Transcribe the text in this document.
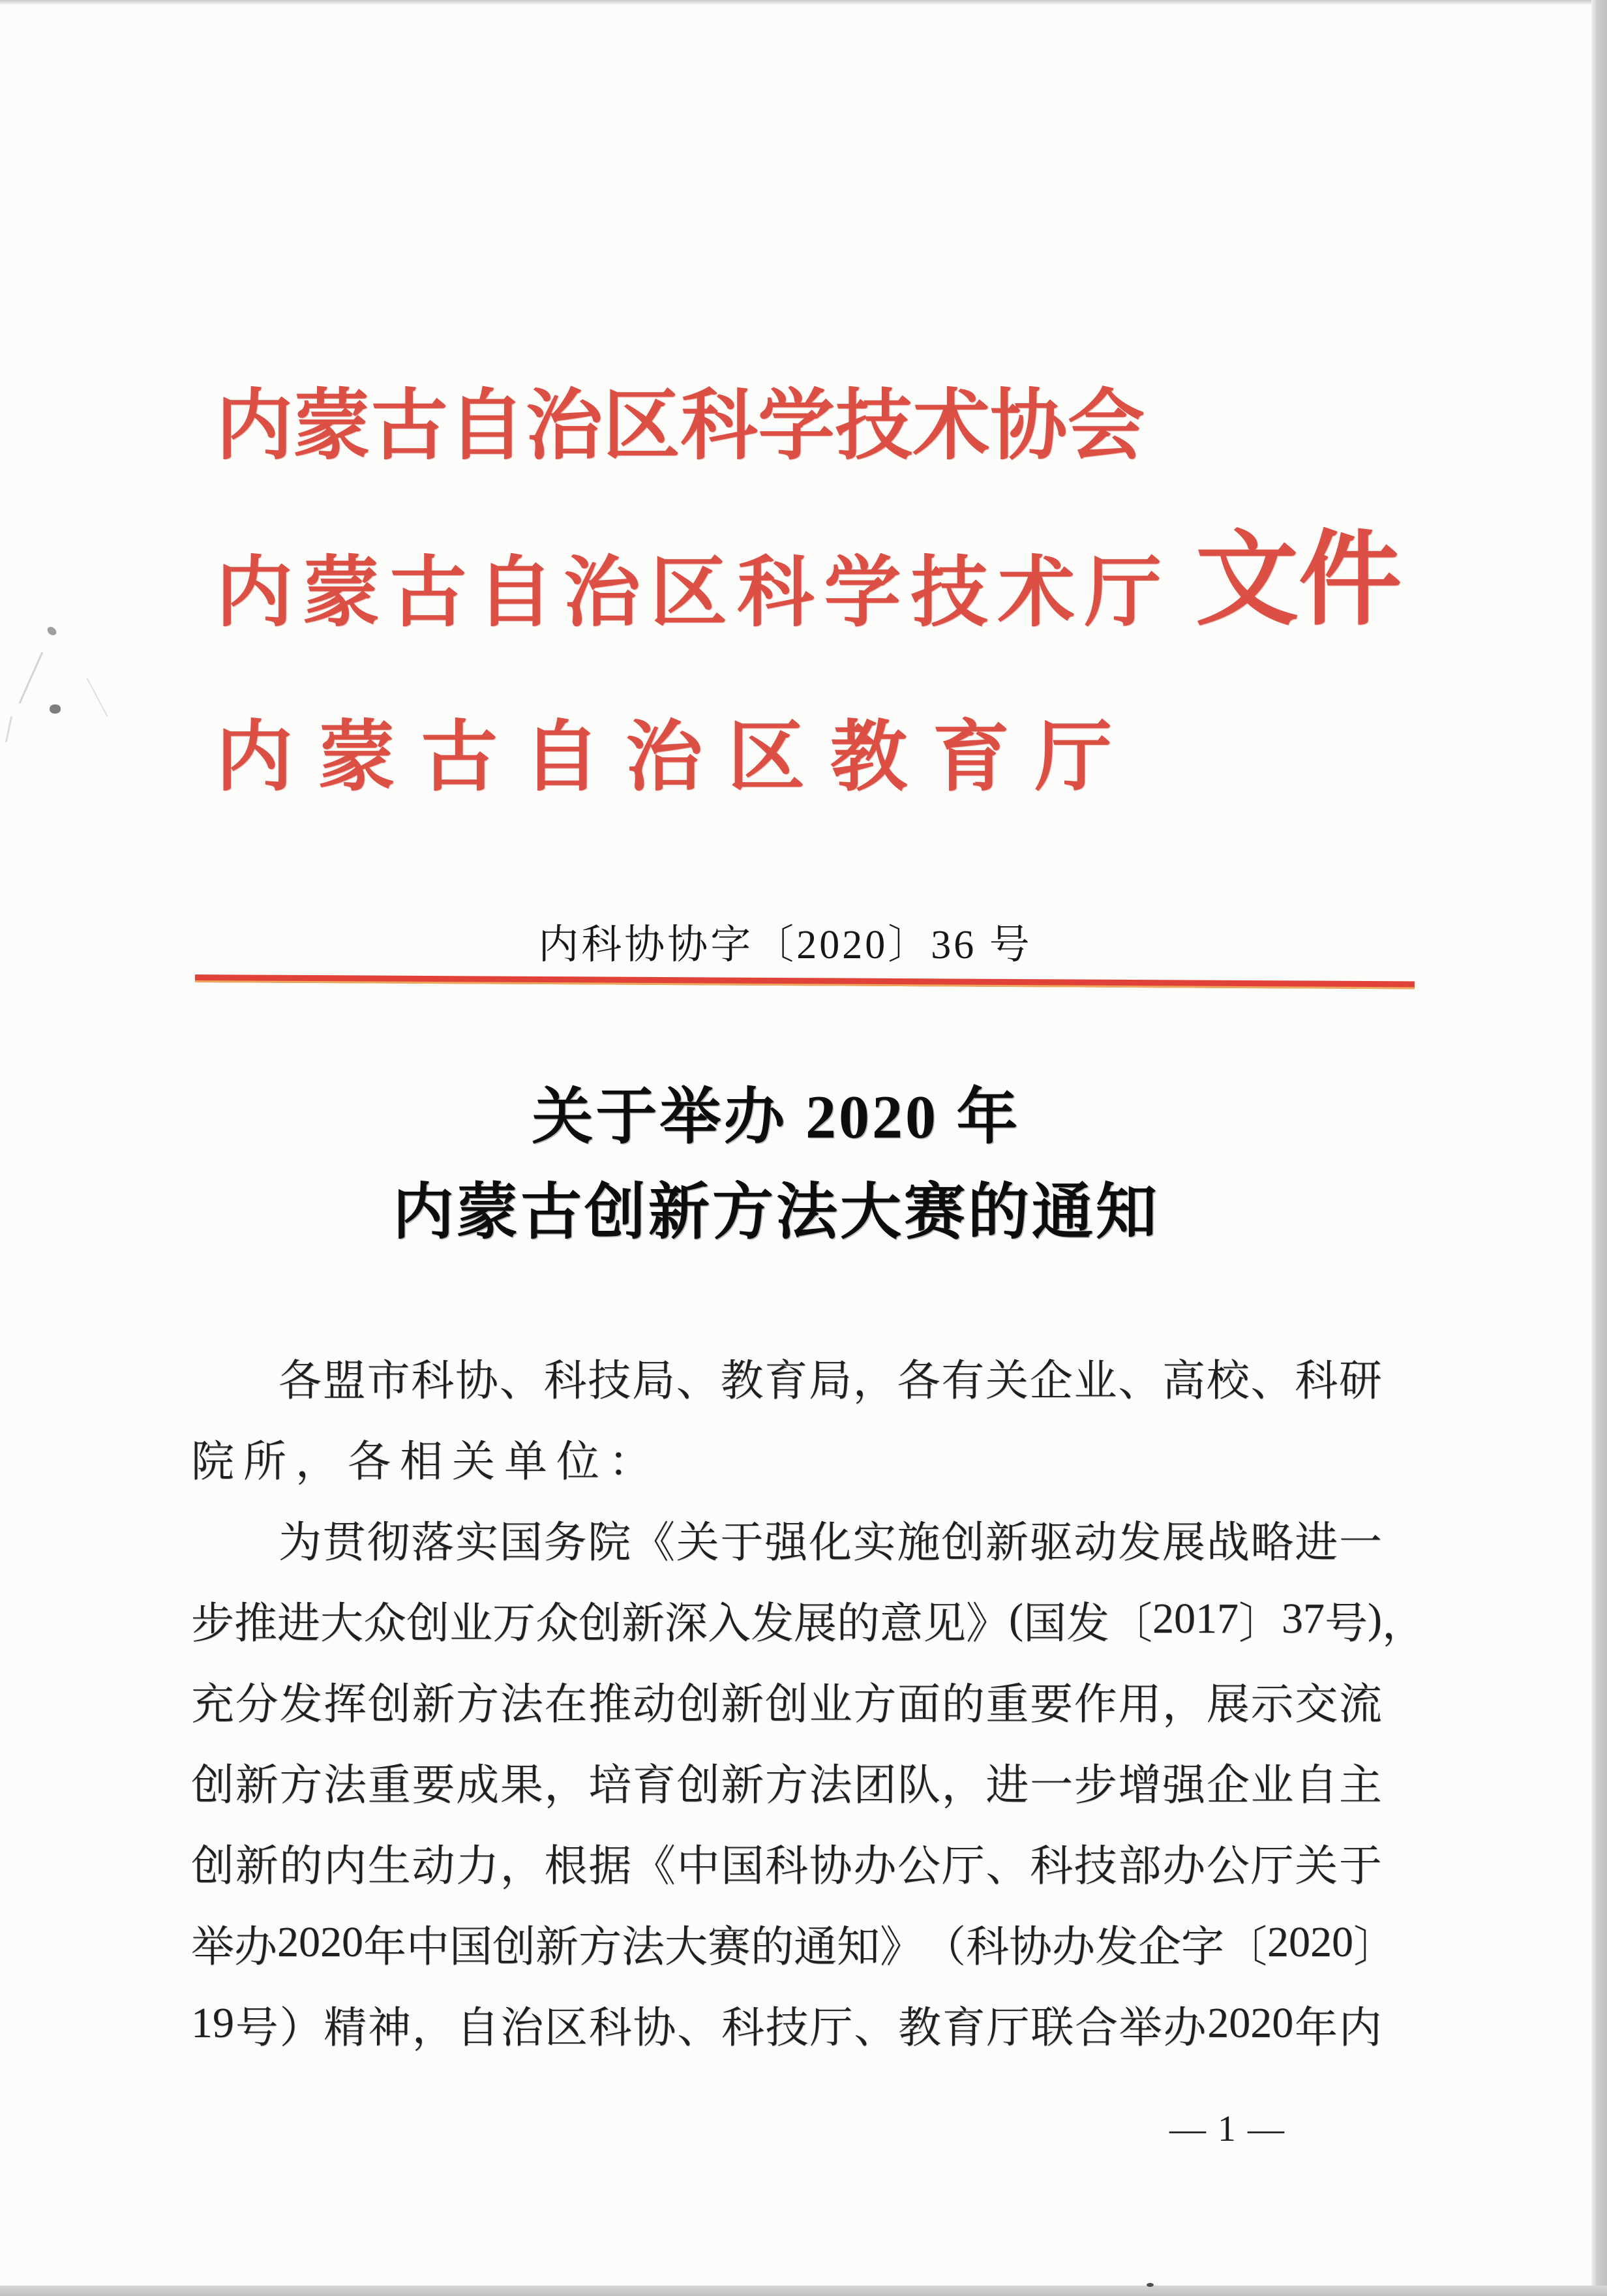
内 蒙 古 自 治 区 科 学 技 术 协 会
内 蒙 古 自 治 区 科 学 技 术 厅
内 蒙 古 自 治 区 教 育 厅
文 件
内科协协字〔2020〕36 号
关于举办 2020 年
内蒙古创新方法大赛的通知
各 盟 市 科 协 、 科 技 局 、 教 育 局 ， 各 有 关 企 业 、 高 校 、 科 研
院 所 ， 各 相 关 单 位 ：
为 贯 彻 落 实 国 务 院 《 关 于 强 化 实 施 创 新 驱 动 发 展 战 略 进 一
步 推 进 大 众 创 业 万 众 创 新 深 入 发 展 的 意 见 》 ( 国 发 〔 2017 〕 37 号 ) ，
充 分 发 挥 创 新 方 法 在 推 动 创 新 创 业 方 面 的 重 要 作 用 ， 展 示 交 流
创 新 方 法 重 要 成 果 ， 培 育 创 新 方 法 团 队 ， 进 一 步 增 强 企 业 自 主
创 新 的 内 生 动 力 ， 根 据 《 中 国 科 协 办 公 厅 、 科 技 部 办 公 厅 关 于
举 办 2020 年 中 国 创 新 方 法 大 赛 的 通 知 》 （ 科 协 办 发 企 字 〔 2020 〕
19 号 ） 精 神 ， 自 治 区 科 协 、 科 技 厅 、 教 育 厅 联 合 举 办 2020 年 内
— 1 —
